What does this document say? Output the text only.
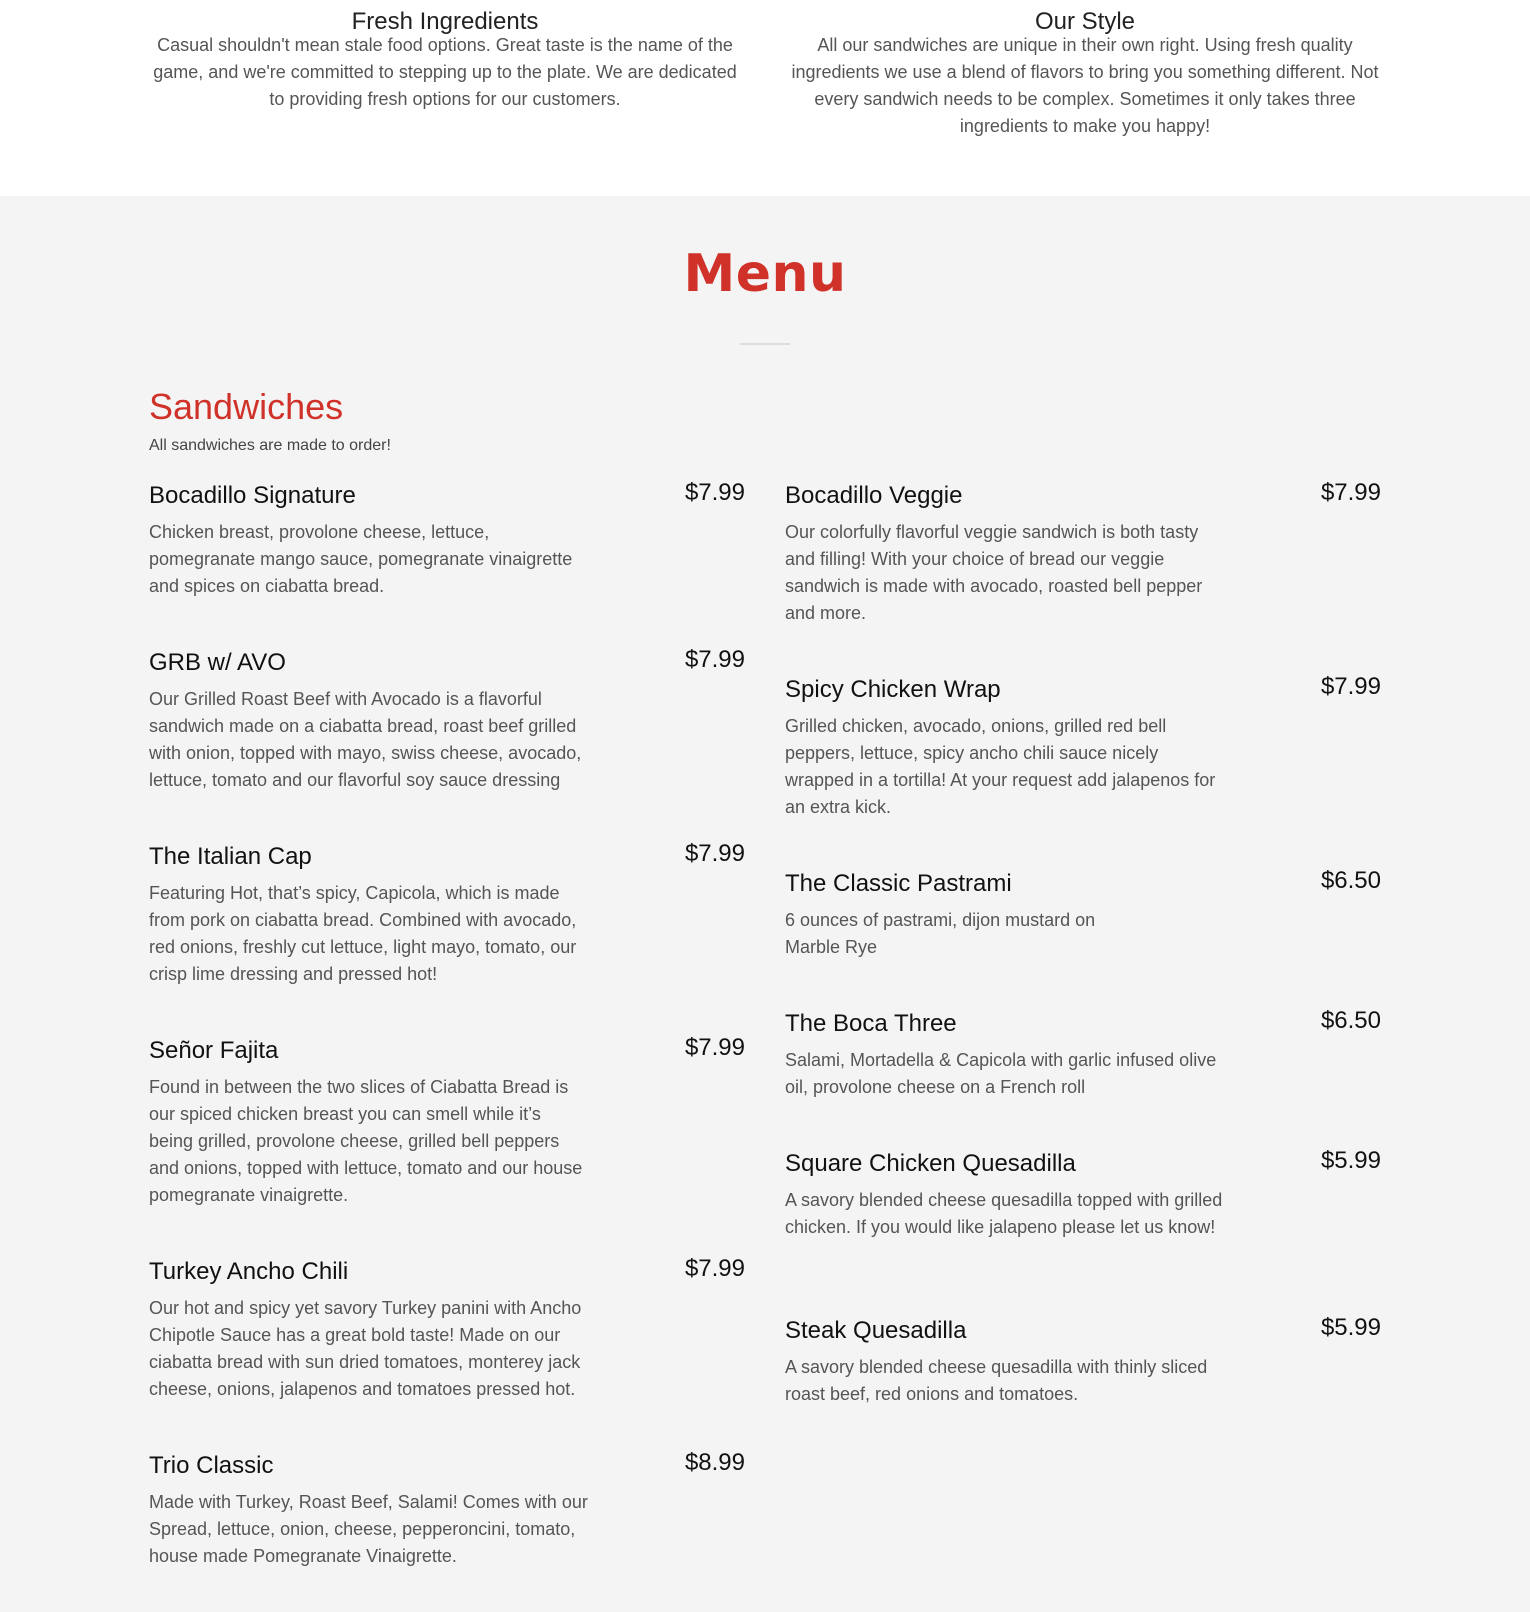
Fresh Ingredients

Casual shouldn't mean stale food options. Great taste is the name of the game, and we're committed to stepping up to the plate. We are dedicated to providing fresh options for our customers.

Our Style

All our sandwiches are unique in their own right. Using fresh quality ingredients we use a blend of flavors to bring you something different. Not every sandwich needs to be complex. Sometimes it only takes three ingredients to make you happy!

Menu
Sandwiches

All sandwiches are made to order!

Bocadillo Signature	$7.99

Chicken breast, provolone cheese, lettuce, pomegranate mango sauce, pomegranate vinaigrette and spices on ciabatta bread.

GRB w/ AVO	$7.99

Our Grilled Roast Beef with Avocado is a flavorful sandwich made on a ciabatta bread, roast beef grilled with onion, topped with mayo, swiss cheese, avocado, lettuce, tomato and our flavorful soy sauce dressing

The Italian Cap	$7.99

Featuring Hot, that’s spicy, Capicola, which is made from pork on ciabatta bread. Combined with avocado, red onions, freshly cut lettuce, light mayo, tomato, our crisp lime dressing and pressed hot!

Señor Fajita	$7.99

Found in between the two slices of Ciabatta Bread is our spiced chicken breast you can smell while it’s being grilled, provolone cheese, grilled bell peppers and onions, topped with lettuce, tomato and our house pomegranate vinaigrette.

Turkey Ancho Chili	$7.99

Our hot and spicy yet savory Turkey panini with Ancho Chipotle Sauce has a great bold taste! Made on our ciabatta bread with sun dried tomatoes, monterey jack cheese, onions, jalapenos and tomatoes pressed hot.

Trio Classic	$8.99

Made with Turkey, Roast Beef, Salami! Comes with our Spread, lettuce, onion, cheese, pepperoncini, tomato, house made Pomegranate Vinaigrette.

Bocadillo Veggie	$7.99

Our colorfully flavorful veggie sandwich is both tasty and filling! With your choice of bread our veggie sandwich is made with avocado, roasted bell pepper and more.

Spicy Chicken Wrap	$7.99

Grilled chicken, avocado, onions, grilled red bell peppers, lettuce, spicy ancho chili sauce nicely wrapped in a tortilla! At your request add jalapenos for an extra kick.

The Classic Pastrami	$6.50

6 ounces of pastrami, dijon mustard on Marble Rye

The Boca Three	$6.50

Salami, Mortadella & Capicola with garlic infused olive oil, provolone cheese on a French roll

Square Chicken Quesadilla	$5.99

A savory blended cheese quesadilla topped with grilled chicken. If you would like jalapeno please let us know!

Steak Quesadilla	$5.99

A savory blended cheese quesadilla with thinly sliced roast beef, red onions and tomatoes.
